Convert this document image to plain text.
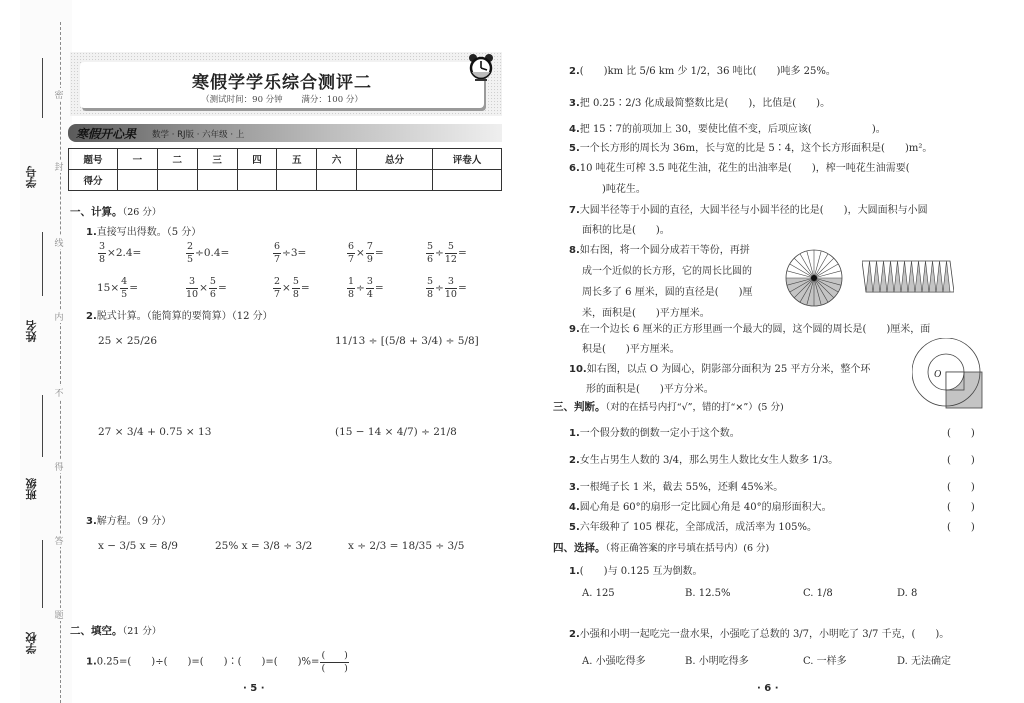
密
封
线
内
不
得
答
题
学号
姓名
班级
学校
寒假学学乐综合测评二
（测试时间：90 分钟 满分：100 分）
寒假开心果 数学 · RJ版 · 六年级 · 上
题号	一	二	三	四	五	六	总分	评卷人
得分								
一、计算。（26 分）
1.直接写出得数。（5 分）
$\frac{3}{8} \times 2.4=$	$\frac{2}{5} \div 0.4=$	$\frac{6}{7} \div 3=$	$\frac{6}{7} \times \frac{7}{9}$ =	$\frac{5}{6} \div \frac{5}{12}$ =
$15\times \frac{4}{5}$ =	$\frac{3}{10} \times \frac{5}{6}$ =	$\frac{2}{7} \times \frac{5}{8}$ =	$\frac{1}{8} \div \frac{3}{4}$ =	$\frac{5}{8} \div \frac{3}{10}$ =
2.脱式计算。（能简算的要简算）（12 分）
25 × 25/26	11/13 ÷ [(5/8 + 3/4) ÷ 5/8]
27 × 3/4 + 0.75 × 13	(15 − 14 × 4/7) ÷ 21/8
3.解方程。（9 分）
x − 3/5 x = 8/9	25% x = 3/8 ÷ 3/2	x ÷ 2/3 = 18/35 ÷ 3/5
二、填空。（21 分）
1.0.25=(　　)÷(　　)=(　　)∶(　　)=(　　)%= $\frac{( )}{( )}$
· 5 ·
2.(　　)km 比 5/6 km 少 1/2，36 吨比(　　)吨多 25%。
3.把 0.25∶2/3 化成最简整数比是(　　)，比值是(　　)。
4.把 15∶7的前项加上 30，要使比值不变，后项应该(　　　　　　)。
5.一个长方形的周长为 36m，长与宽的比是 5∶4，这个长方形面积是(　　)m²。
6.10 吨花生可榨 3.5 吨花生油，花生的出油率是(　　)，榨一吨花生油需要(
　　)吨花生。
7.大圆半径等于小圆的直径，大圆半径与小圆半径的比是(　　)，大圆面积与小圆
面积的比是(　　)。
8.如右图，将一个圆分成若干等份，再拼
成一个近似的长方形，它的周长比圆的
周长多了 6 厘米，圆的直径是(　　)厘
米，面积是(　　)平方厘米。
9.在一个边长 6 厘米的正方形里画一个最大的圆，这个圆的周长是(　　)厘米，面
积是(　　)平方厘米。
10.如右图，以点 O 为圆心，阴影部分面积为 25 平方分米，整个环
形的面积是(　　)平方分米。
O
三、判断。（对的在括号内打“√”，错的打“×”）(5 分)
1.一个假分数的倒数一定小于这个数。	(　　)
2.女生占男生人数的 3/4，那么男生人数比女生人数多 1/3。	(　　)
3.一根绳子长 1 米，截去 55%，还剩 45%米。	(　　)
4.圆心角是 60°的扇形一定比圆心角是 40°的扇形面积大。	(　　)
5.六年级种了 105 棵花，全部成活，成活率为 105%。	(　　)
四、选择。（将正确答案的序号填在括号内）(6 分)
1.(　　)与 0.125 互为倒数。
A. 125	B. 12.5%	C. 1/8	D. 8
2.小强和小明一起吃完一盘水果，小强吃了总数的 3/7，小明吃了 3/7 千克，(　　)。
A. 小强吃得多	B. 小明吃得多	C. 一样多	D. 无法确定
· 6 ·
